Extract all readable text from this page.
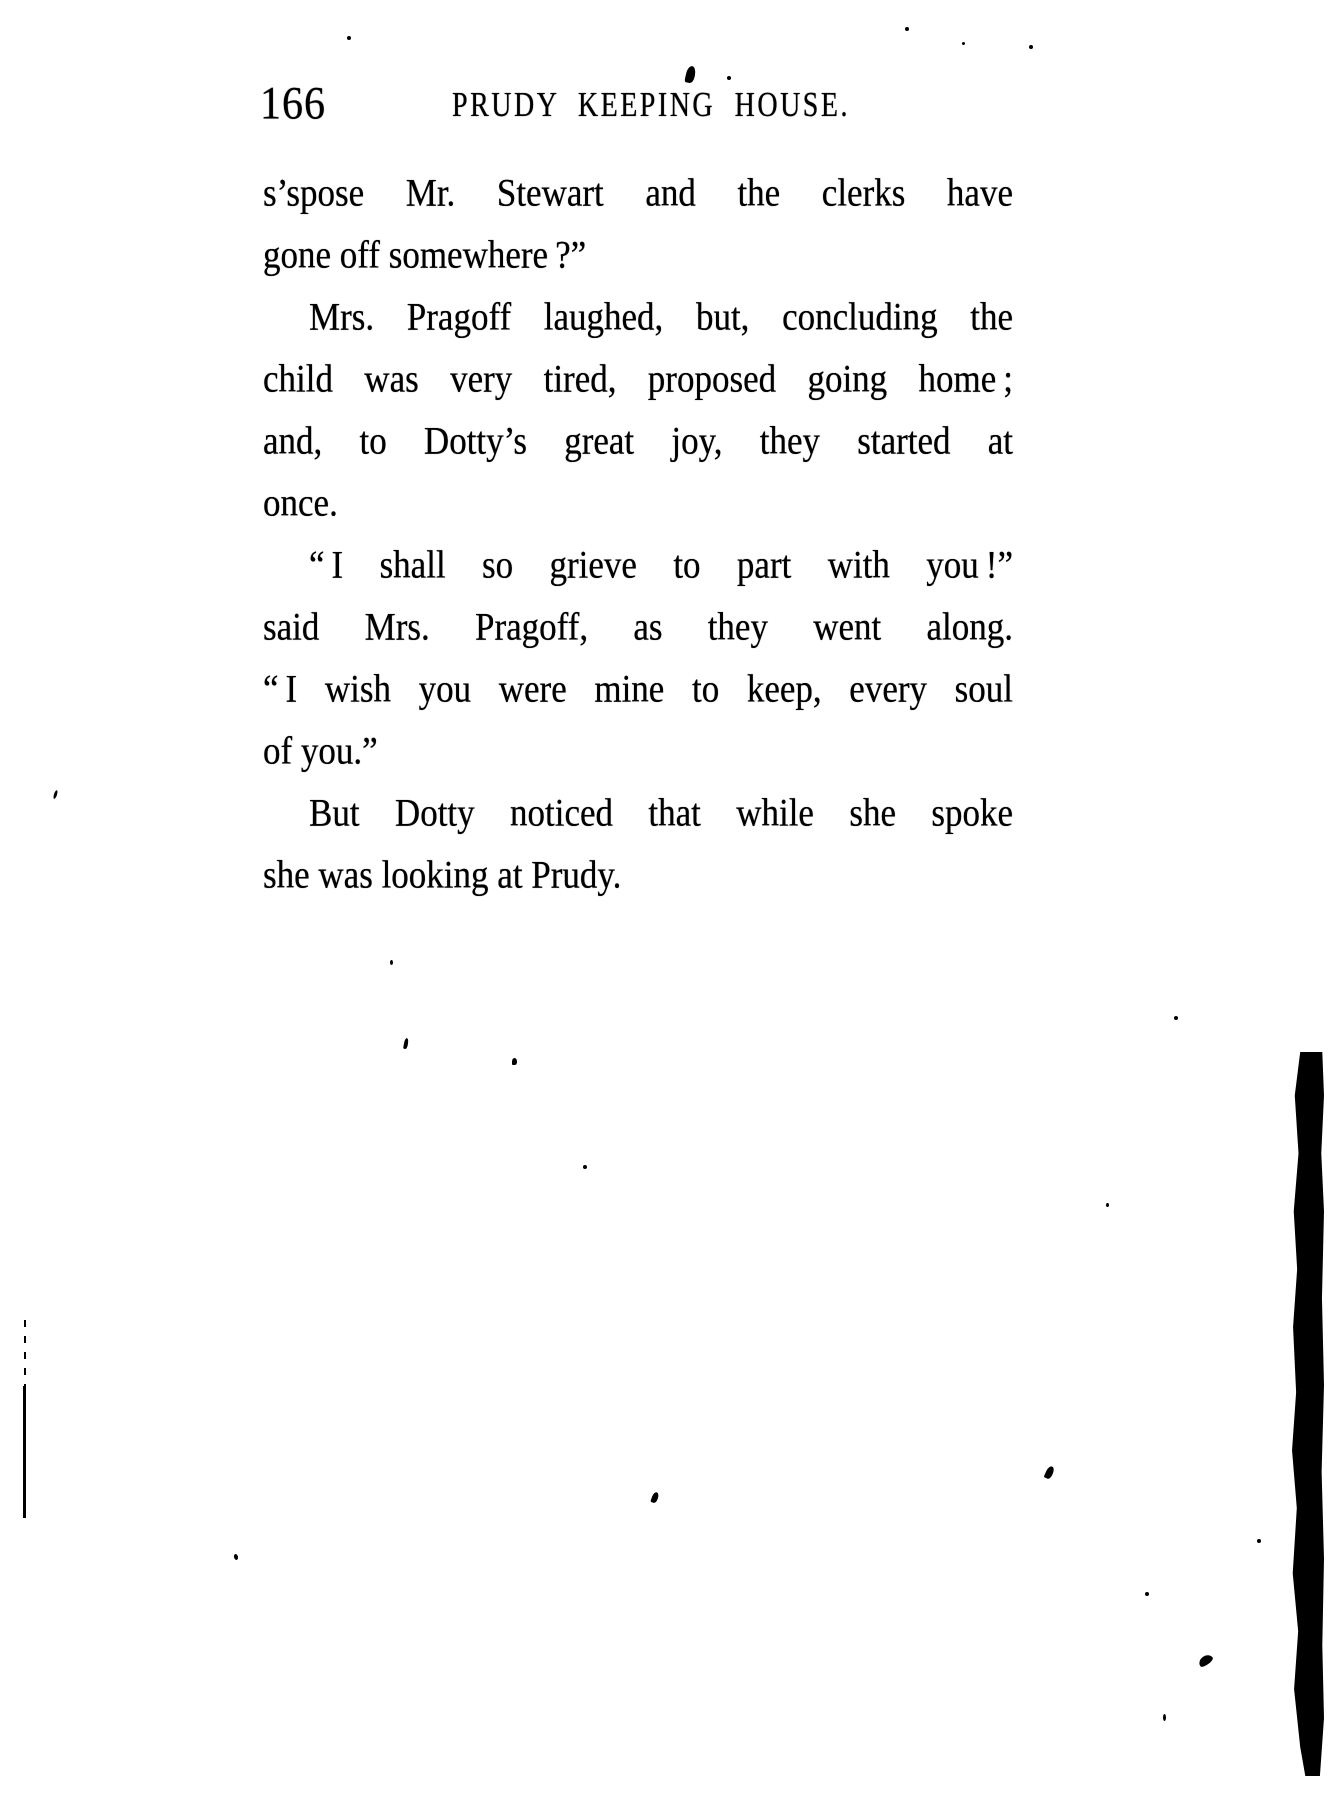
166	PRUDY KEEPING HOUSE.
s’spose Mr. Stewart and the clerks have
gone off somewhere ?”
Mrs. Pragoff laughed, but, concluding the
child was very tired, proposed going home ;
and, to Dotty’s great joy, they started at
once.
“ I shall so grieve to part with you !”
said Mrs. Pragoff, as they went along.
“ I wish you were mine to keep, every soul
of you.”
But Dotty noticed that while she spoke
she was looking at Prudy.
